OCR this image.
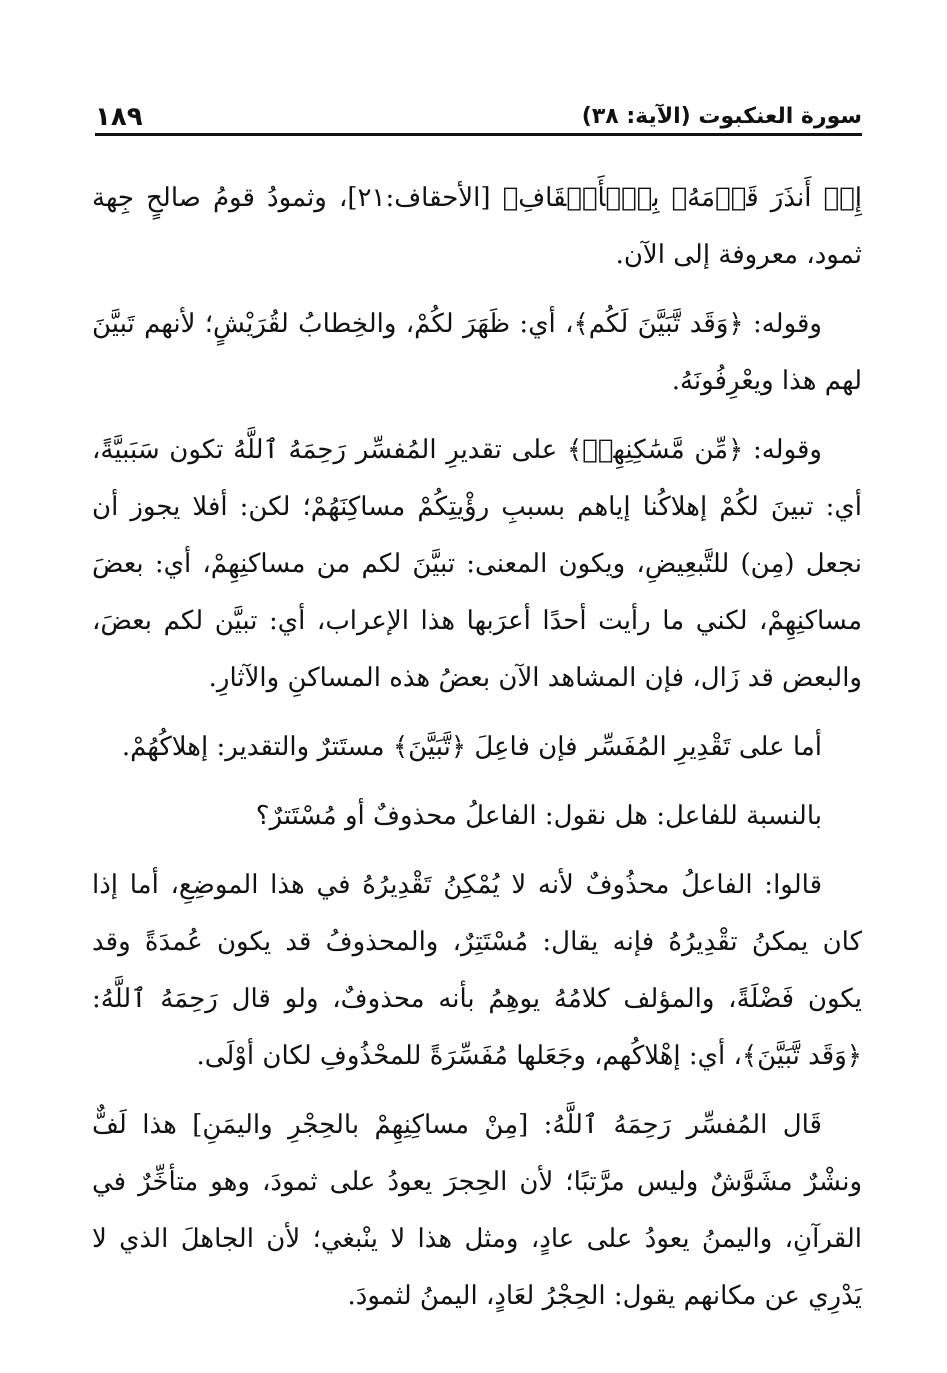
سورة العنكبوت (الآية: ٣٨)
١٨٩

إِذۡ أَنذَرَ قَوۡمَهُۥ بِٱلۡأَحۡقَافِ﴾ [الأحقاف:٢١]، وثمودُ قومُ صالحٍ جِهة ثمود، معروفة إلى الآن.

وقوله: ﴿وَقَد تَّبَيَّنَ لَكُم﴾، أي: ظَهَرَ لكُمْ، والخِطابُ لقُرَيْشٍ؛ لأنهم تَبيَّنَ لهم هذا ويعْرِفُونَهُ.

وقوله: ﴿مِّن مَّسَٰكِنِهِمۡ﴾ على تقديرِ المُفسِّر رَحِمَهُ ٱللَّهُ تكون سَبَبيَّةً، أي: تبينَ لكُمْ إهلاكُنا إياهم بسببِ رؤْيتِكُمْ مساكِنَهُمْ؛ لكن: أفلا يجوز أن نجعل (مِن) للتَّبعِيضِ، ويكون المعنى: تبيَّنَ لكم من مساكنِهِمْ، أي: بعضَ مساكنِهِمْ، لكني ما رأيت أحدًا أعرَبها هذا الإعراب، أي: تبيَّن لكم بعضَ، والبعض قد زَال، فإن المشاهد الآن بعضُ هذه المساكنِ والآثارِ.

أما على تَقْدِيرِ المُفَسِّر فإن فاعِلَ ﴿تَّبَيَّنَ﴾ مستَترٌ والتقدير: إهلاكُهُمْ.

بالنسبة للفاعل: هل نقول: الفاعلُ محذوفٌ أو مُسْتَترٌ؟

قالوا: الفاعلُ محذُوفٌ لأنه لا يُمْكِنُ تَقْدِيرُهُ في هذا الموضِعِ، أما إذا كان يمكنُ تقْدِيرُهُ فإنه يقال: مُسْتَتِرٌ، والمحذوفُ قد يكون عُمدَةً وقد يكون فَضْلَةً، والمؤلف كلامُهُ يوهِمُ بأنه محذوفٌ، ولو قال رَحِمَهُ ٱللَّهُ: ﴿وَقَد تَّبَيَّنَ﴾، أي: إهْلاكُهم، وجَعَلها مُفَسِّرَةً للمحْذُوفِ لكان أوْلَى.

قَال المُفسِّر رَحِمَهُ ٱللَّهُ: [مِنْ مساكِنِهِمْ بالحِجْرِ واليمَنِ] هذا لَفٌّ ونشْرٌ مشَوَّشٌ وليس مرَّتبًا؛ لأن الحِجرَ يعودُ على ثمودَ، وهو متأخِّرٌ في القرآنِ، واليمنُ يعودُ على عادٍ، ومثل هذا لا ينْبغي؛ لأن الجاهلَ الذي لا يَدْرِي عن مكانهم يقول: الحِجْرُ لعَادٍ، اليمنُ لثمودَ.
